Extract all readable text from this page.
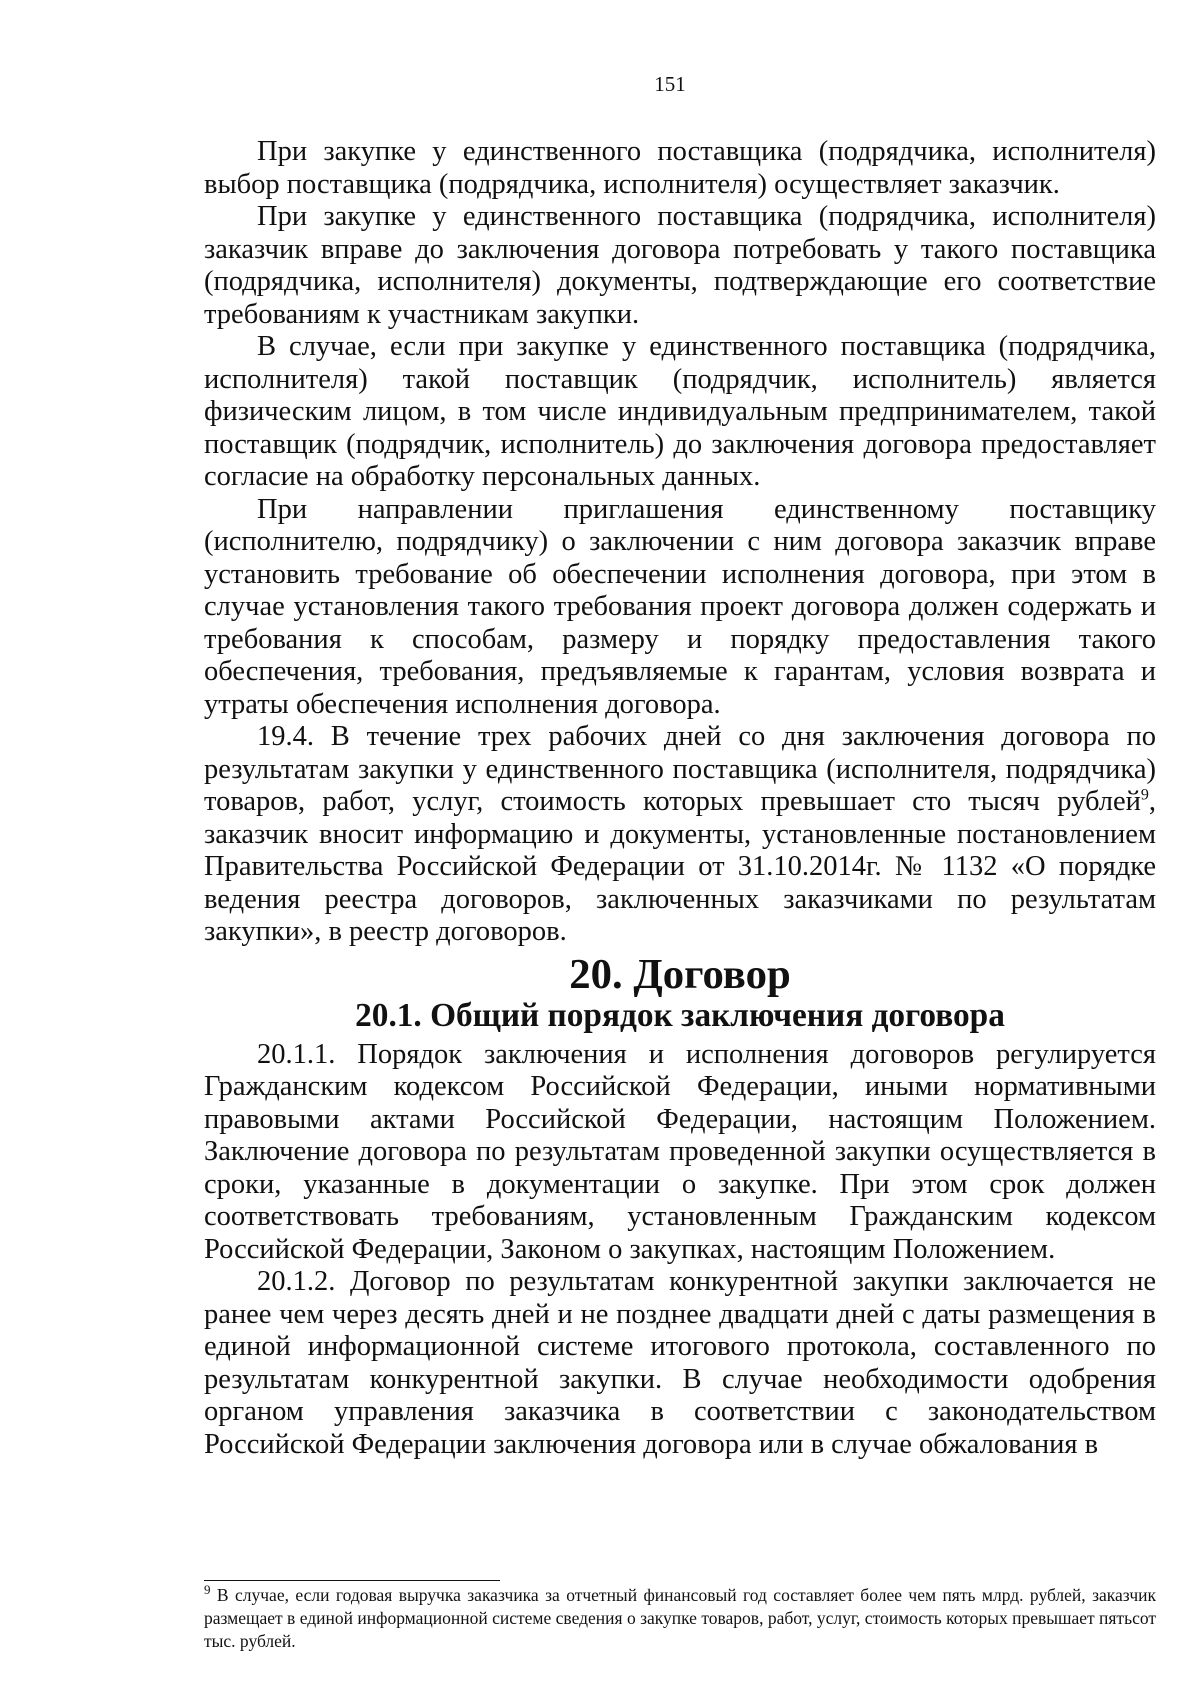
151

При закупке у единственного поставщика (подрядчика, исполнителя) выбор поставщика (подрядчика, исполнителя) осуществляет заказчик.

При закупке у единственного поставщика (подрядчика, исполнителя) заказчик вправе до заключения договора потребовать у такого поставщика (подрядчика, исполнителя) документы, подтверждающие его соответствие требованиям к участникам закупки.

В случае, если при закупке у единственного поставщика (подрядчика, исполнителя) такой поставщик (подрядчик, исполнитель) является физическим лицом, в том числе индивидуальным предпринимателем, такой поставщик (подрядчик, исполнитель) до заключения договора предоставляет согласие на обработку персональных данных.

При направлении приглашения единственному поставщику (исполнителю, подрядчику) о заключении с ним договора заказчик вправе установить требование об обеспечении исполнения договора, при этом в случае установления такого требования проект договора должен содержать и требования к способам, размеру и порядку предоставления такого обеспечения, требования, предъявляемые к гарантам, условия возврата и утраты обеспечения исполнения договора.

19.4. В течение трех рабочих дней со дня заключения договора по результатам закупки у единственного поставщика (исполнителя, подрядчика) товаров, работ, услуг, стоимость которых превышает сто тысяч рублей$^9$, заказчик вносит информацию и документы, установленные постановлением Правительства Российской Федерации от 31.10.2014г. № 1132 «О порядке ведения реестра договоров, заключенных заказчиками по результатам закупки», в реестр договоров.

20. Договор
20.1. Общий порядок заключения договора

20.1.1. Порядок заключения и исполнения договоров регулируется Гражданским кодексом Российской Федерации, иными нормативными правовыми актами Российской Федерации, настоящим Положением. Заключение договора по результатам проведенной закупки осуществляется в сроки, указанные в документации о закупке. При этом срок должен соответствовать требованиям, установленным Гражданским кодексом Российской Федерации, Законом о закупках, настоящим Положением.

20.1.2. Договор по результатам конкурентной закупки заключается не ранее чем через десять дней и не позднее двадцати дней с даты размещения в единой информационной системе итогового протокола, составленного по результатам конкурентной закупки. В случае необходимости одобрения органом управления заказчика в соответствии с законодательством Российской Федерации заключения договора или в случае обжалования в

$^9$ В случае, если годовая выручка заказчика за отчетный финансовый год составляет более чем пять млрд. рублей, заказчик размещает в единой информационной системе сведения о закупке товаров, работ, услуг, стоимость которых превышает пятьсот тыс. рублей.
